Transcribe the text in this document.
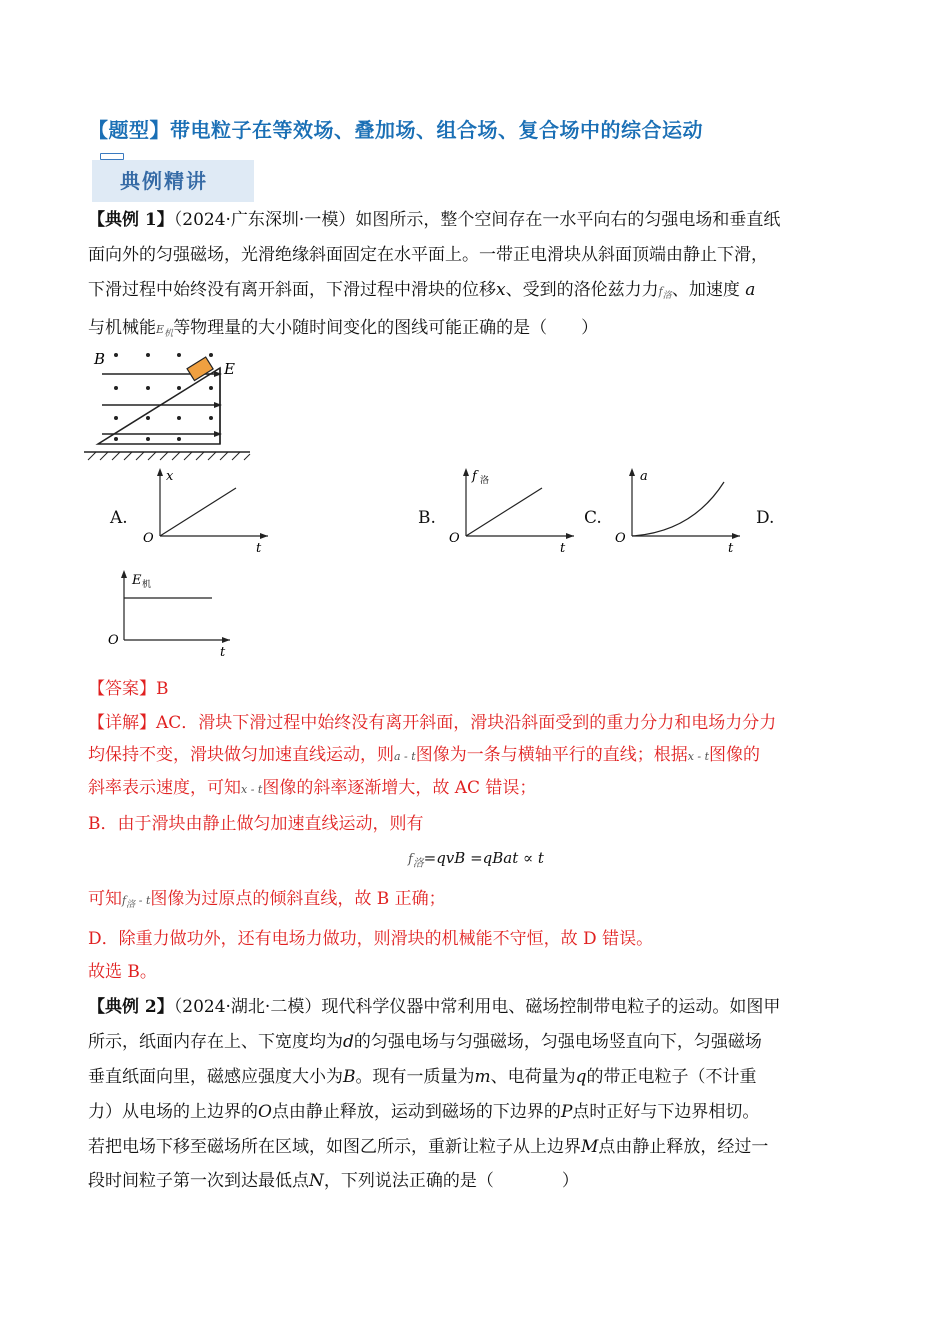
【题型】带电粒子在等效场、叠加场、组合场、复合场中的综合运动
典例精讲
【典例 1】（2024·广东深圳·一模）如图所示，整个空间存在一水平向右的匀强电场和垂直纸
面向外的匀强磁场，光滑绝缘斜面固定在水平面上。一带正电滑块从斜面顶端由静止下滑，
下滑过程中始终没有离开斜面，下滑过程中滑块的位移x、受到的洛伦兹力力$f_洛$、加速度 a
与机械能$E_机$等物理量的大小随时间变化的图线可能正确的是（　　）
B
E
A.	B.	C.	D.
x
O
t
f 洛
O
t
a
O
t
E 机
O
t
【答案】B
【详解】AC．滑块下滑过程中始终没有离开斜面，滑块沿斜面受到的重力分力和电场力分力
均保持不变，滑块做匀加速直线运动，则a - t图像为一条与横轴平行的直线；根据x - t图像的
斜率表示速度，可知x - t图像的斜率逐渐增大，故 AC 错误；
B．由于滑块由静止做匀加速直线运动，则有
$f_洛=qvB$ =qBat ∝ t
可知$f_洛$ - t图像为过原点的倾斜直线，故 B 正确；
D．除重力做功外，还有电场力做功，则滑块的机械能不守恒，故 D 错误。
故选 B。
【典例 2】（2024·湖北·二模）现代科学仪器中常利用电、磁场控制带电粒子的运动。如图甲
所示，纸面内存在上、下宽度均为d的匀强电场与匀强磁场，匀强电场竖直向下，匀强磁场
垂直纸面向里，磁感应强度大小为B。现有一质量为m、电荷量为q的带正电粒子（不计重
力）从电场的上边界的O点由静止释放，运动到磁场的下边界的P点时正好与下边界相切。
若把电场下移至磁场所在区域，如图乙所示，重新让粒子从上边界M点由静止释放，经过一
段时间粒子第一次到达最低点N，下列说法正确的是（　　　　）
